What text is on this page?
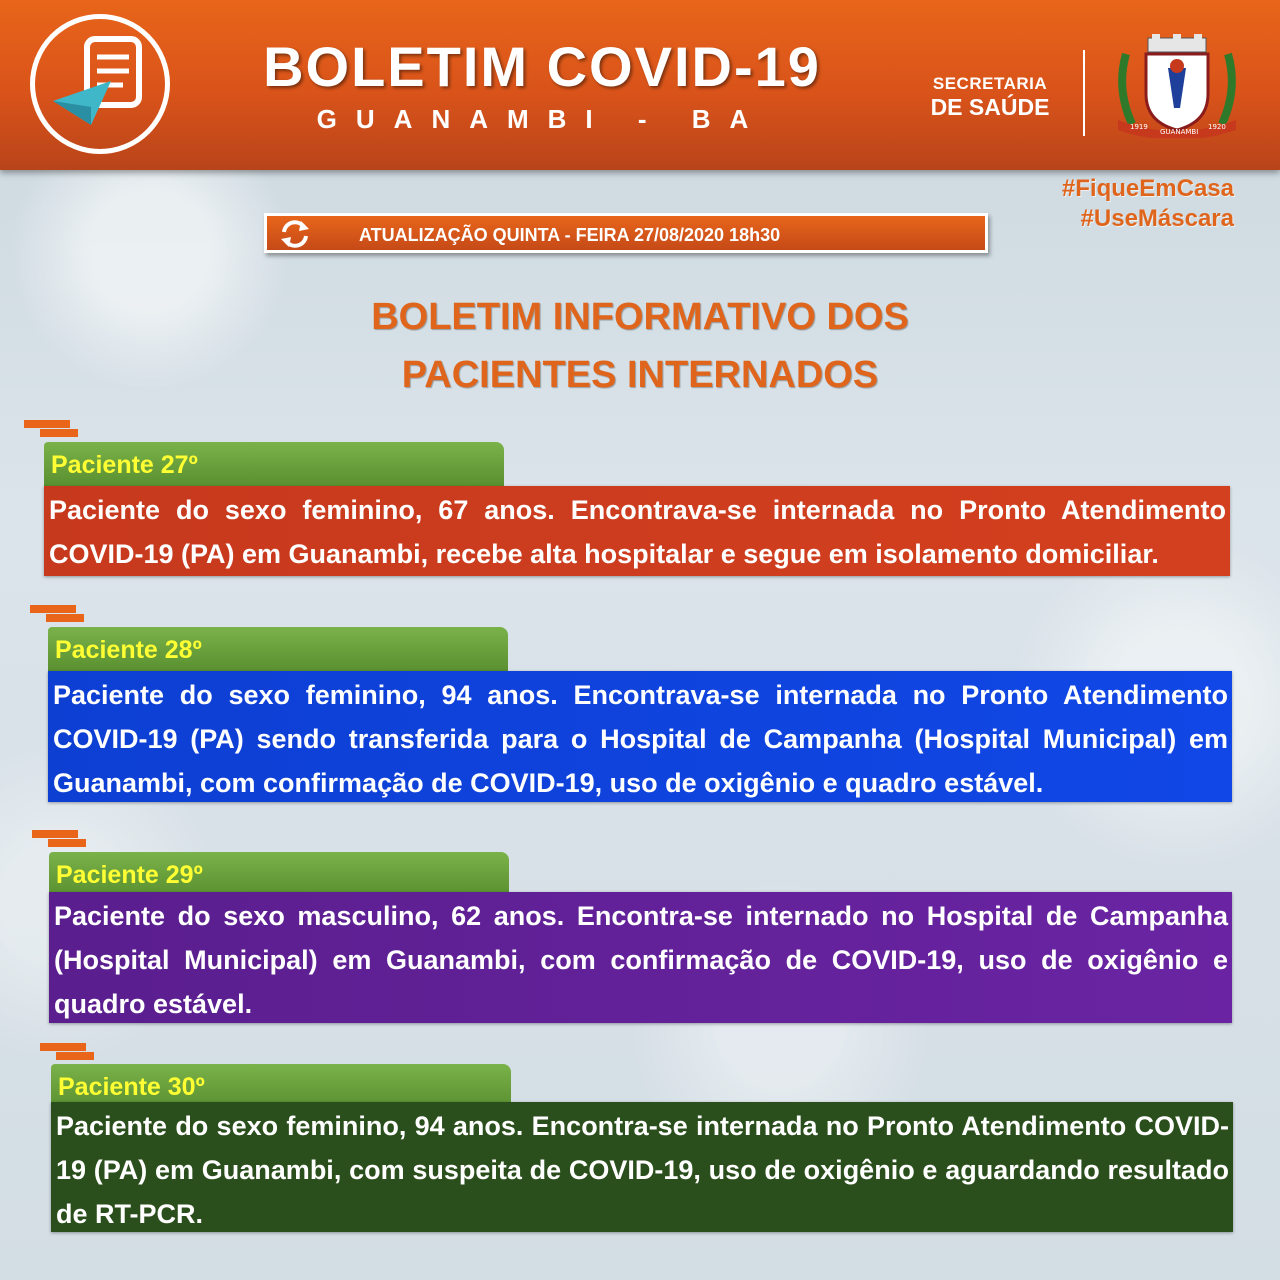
BOLETIM COVID-19
GUANAMBI - BA
SECRETARIA
DE SAÚDE
1919
GUANAMBI
1920
#FiqueEmCasa
#UseMáscara
ATUALIZAÇÃO QUINTA - FEIRA 27/08/2020 18h30
BOLETIM INFORMATIVO DOS
PACIENTES INTERNADOS
Paciente 27º
Paciente do sexo feminino, 67 anos. Encontrava-se internada no Pronto Atendimento COVID-19 (PA) em Guanambi, recebe alta hospitalar e segue em isolamento domiciliar.
Paciente 28º
Paciente do sexo feminino, 94 anos. Encontrava-se internada no Pronto Atendimento COVID-19 (PA) sendo transferida para o Hospital de Campanha (Hospital Municipal) em Guanambi, com confirmação de COVID-19, uso de oxigênio e quadro estável.
Paciente 29º
Paciente do sexo masculino, 62 anos. Encontra-se internado no Hospital de Campanha (Hospital Municipal) em Guanambi, com confirmação de COVID-19, uso de oxigênio e quadro estável.
Paciente 30º
Paciente do sexo feminino, 94 anos. Encontra-se internada no Pronto Atendimento COVID-19 (PA) em Guanambi, com suspeita de COVID-19, uso de oxigênio e aguardando resultado de RT-PCR.
